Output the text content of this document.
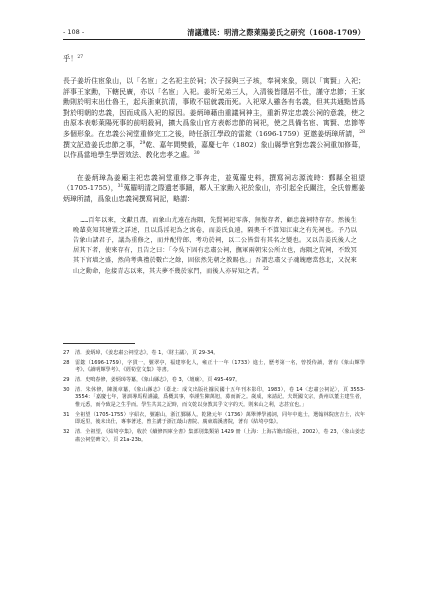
- 108 -	清議遺民：明清之際萊陽姜氏之研究（1608-1709）

乎！$^{27}$

長子姜圻住宦象山，以「名宦」之名祀主於祠；次子採與三子垓，奉祠來象，則以「寓賢」入祀；評事王家勳，下轄民廣，亦以「名宦」入祀。姜圻兄弟三人，入清後皆隱居不仕，謹守忠節；王家勳則於明末出仕魯王，起兵浙東抗清，事敗不屈就義而死。入祀眾人雖各有名義，但其共通點皆爲對於明朝的忠義，因而成爲入祀的原因。姜炳璋藉由重議祠神主，重新界定忠義公祠的意義，使之由原本表彰萊陽死事的前明殺祠，擴大爲象山官方表彰忠節的祠祀，使之具備名宦、寓賢、忠節等多個形象。在忠義公祠堂重修完工之後，時任浙江學政的雷鋐（1696-1759）更邀姜炳璋所請，$^{28}$撰文記造姜氏忠節之事，$^{29}$乾、嘉年間樊毅，嘉慶七年（1802）象山縣學官對忠義公祠重加修葺，以作爲當地學生學習效法、教化忠孝之處。$^{30}$

在姜炳璋為姜廟主祀忠義祠堂重修之事奔走，並蒐羅史料，撰寫祠志源流時：鄞縣全祖望（1705-1755），$^{31}$蒐羅明清之際遺老事蹟，鄰人王家勳入祀於象山，亦引起全氏關注，全氏曾應姜炳璋所請，爲象山忠義祠撰寫祠記，略謂：

……百年以來，文獻且盡，而象山尤遠在海隅，先賢祠祀零落，無復存者，顧忠義祠特存存。然後生晚輩莫知其建置之詳述，且以爲淫祀為之寓卷，而姜氏負遠，隔奧千不算知江東之有先祠也。予乃以告象山諸君子，議為重修之，而并配侍郎、考功於祠，以二公皆當有其名之變也。又以告姜氏後人之居其下者，使來存有，且告之曰：「今吳下固有忠肅公祠，撫軍兩朝宋公所立也，海隅之荒祠，不致冥其下宮墻之盛，然尚考典禮於數亡之餘，固依然先朝之教賜也。」吾謂忠肅父子魂魄應當悠北，又況來山之動命，危接青志以來，其夫夢不幾於家門，而後人亦昇知之者。$^{32}$
27	清．姜炳璋，《姜忠肅公祠堂志》，卷 1，〈財主議〉，頁 29-34。
28	雷鋐（1696-1759），字貫一，號翠亭，福建寧化人，雍正十一年（1733）進士，歷考第一名，曾授侍讀，著有《象山輝學考》、《讀明輝學考》、《經筍堂文集》等書。
29	清．史鳴春修，姜炳璋等纂，《象山縣志》，卷 3，〈壇廟〉，頁 495-497。
30	清．朱休修，陳漢章纂，《象山縣志》（臺北：成文出版社據民國十五年刊本影印，1983），卷 14〈忠肅公祠記〉，頁 3553-3554：「嘉慶七年，署訓導馬程謹議，爲概其事，奉謹生陳萬旭，募而新之。歲成，來請記。夫既國文宗，黃州以董主建生者，惟元悉，而今致是之生乎而。學生共其之記時，而文乾以身教其乎文字的天。則來山之利，志甚宜也。」
31	全祖望（1705-1755）字紹衣，號謝山，浙江鄞縣人。乾隆元年（1736）萬舉博學鴻詞，同年中進士，選翰林院庶吉士，次年即返里，後未出仕，專事著述，曾主講于浙江蕺山書院、廣東端溪書院，著有《結埼亭集》。
32	清．全祖望，《結埼亭集》，收於《續修四庫全書》集部別集類第 1429 冊（上海：上海古籍出版社，2002），卷 23，〈象山姜忠肅公祠堂碑文〉，頁 21a-23b。
